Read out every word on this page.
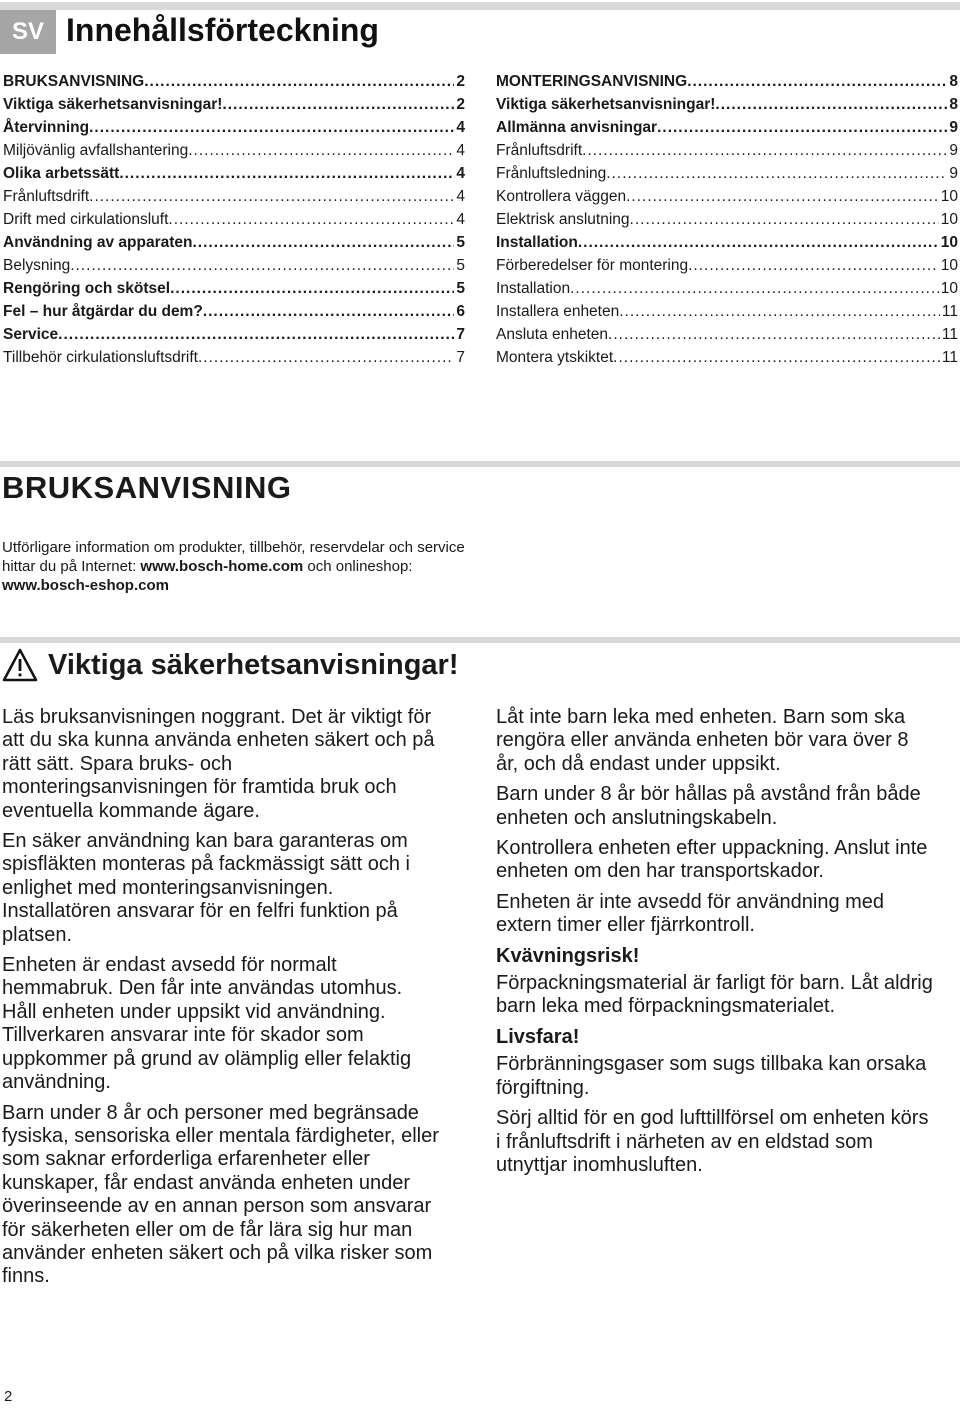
SV Innehållsförteckning
BRUKSANVISNING .....	2
Viktiga säkerhetsanvisningar! .....	2
Återvinning .....	4
Miljövänlig avfallshantering .....	4
Olika arbetssätt .....	4
Frånluftsdrift .....	4
Drift med cirkulationsluft .....	4
Användning av apparaten .....	5
Belysning .....	5
Rengöring och skötsel .....	5
Fel – hur åtgärdar du dem? .....	6
Service .....	7
Tillbehör cirkulationsluftsdrift .....	7
MONTERINGSANVISNING .....	8
Viktiga säkerhetsanvisningar! .....	8
Allmänna anvisningar .....	9
Frånluftsdrift .....	9
Frånluftsledning .....	9
Kontrollera väggen .....	10
Elektrisk anslutning .....	10
Installation .....	10
Förberedelser för montering .....	10
Installation .....	10
Installera enheten .....	11
Ansluta enheten .....	11
Montera ytskiktet .....	11
BRUKSANVISNING
Utförligare information om produkter, tillbehör, reservdelar och service hittar du på Internet: www.bosch-home.com och onlineshop: www.bosch-eshop.com
Viktiga säkerhetsanvisningar!

Läs bruksanvisningen noggrant. Det är viktigt för att du ska kunna använda enheten säkert och på rätt sätt. Spara bruks- och monteringsanvisningen för framtida bruk och eventuella kommande ägare.

En säker användning kan bara garanteras om spisfläkten monteras på fackmässigt sätt och i enlighet med monteringsanvisningen. Installatören ansvarar för en felfri funktion på platsen.

Enheten är endast avsedd för normalt hemmabruk. Den får inte användas utomhus. Håll enheten under uppsikt vid användning. Tillverkaren ansvarar inte för skador som uppkommer på grund av olämplig eller felaktig användning.

Barn under 8 år och personer med begränsade fysiska, sensoriska eller mentala färdigheter, eller som saknar erforderliga erfarenheter eller kunskaper, får endast använda enheten under överinseende av en annan person som ansvarar för säkerheten eller om de får lära sig hur man använder enheten säkert och på vilka risker som finns.

Låt inte barn leka med enheten. Barn som ska rengöra eller använda enheten bör vara över 8 år, och då endast under uppsikt.

Barn under 8 år bör hållas på avstånd från både enheten och anslutningskabeln.

Kontrollera enheten efter uppackning. Anslut inte enheten om den har transportskador.

Enheten är inte avsedd för användning med extern timer eller fjärrkontroll.

Kvävningsrisk!

Förpackningsmaterial är farligt för barn. Låt aldrig barn leka med förpackningsmaterialet.

Livsfara!

Förbränningsgaser som sugs tillbaka kan orsaka förgiftning.

Sörj alltid för en god lufttillförsel om enheten körs i frånluftsdrift i närheten av en eldstad som utnyttjar inomhusluften.

2
